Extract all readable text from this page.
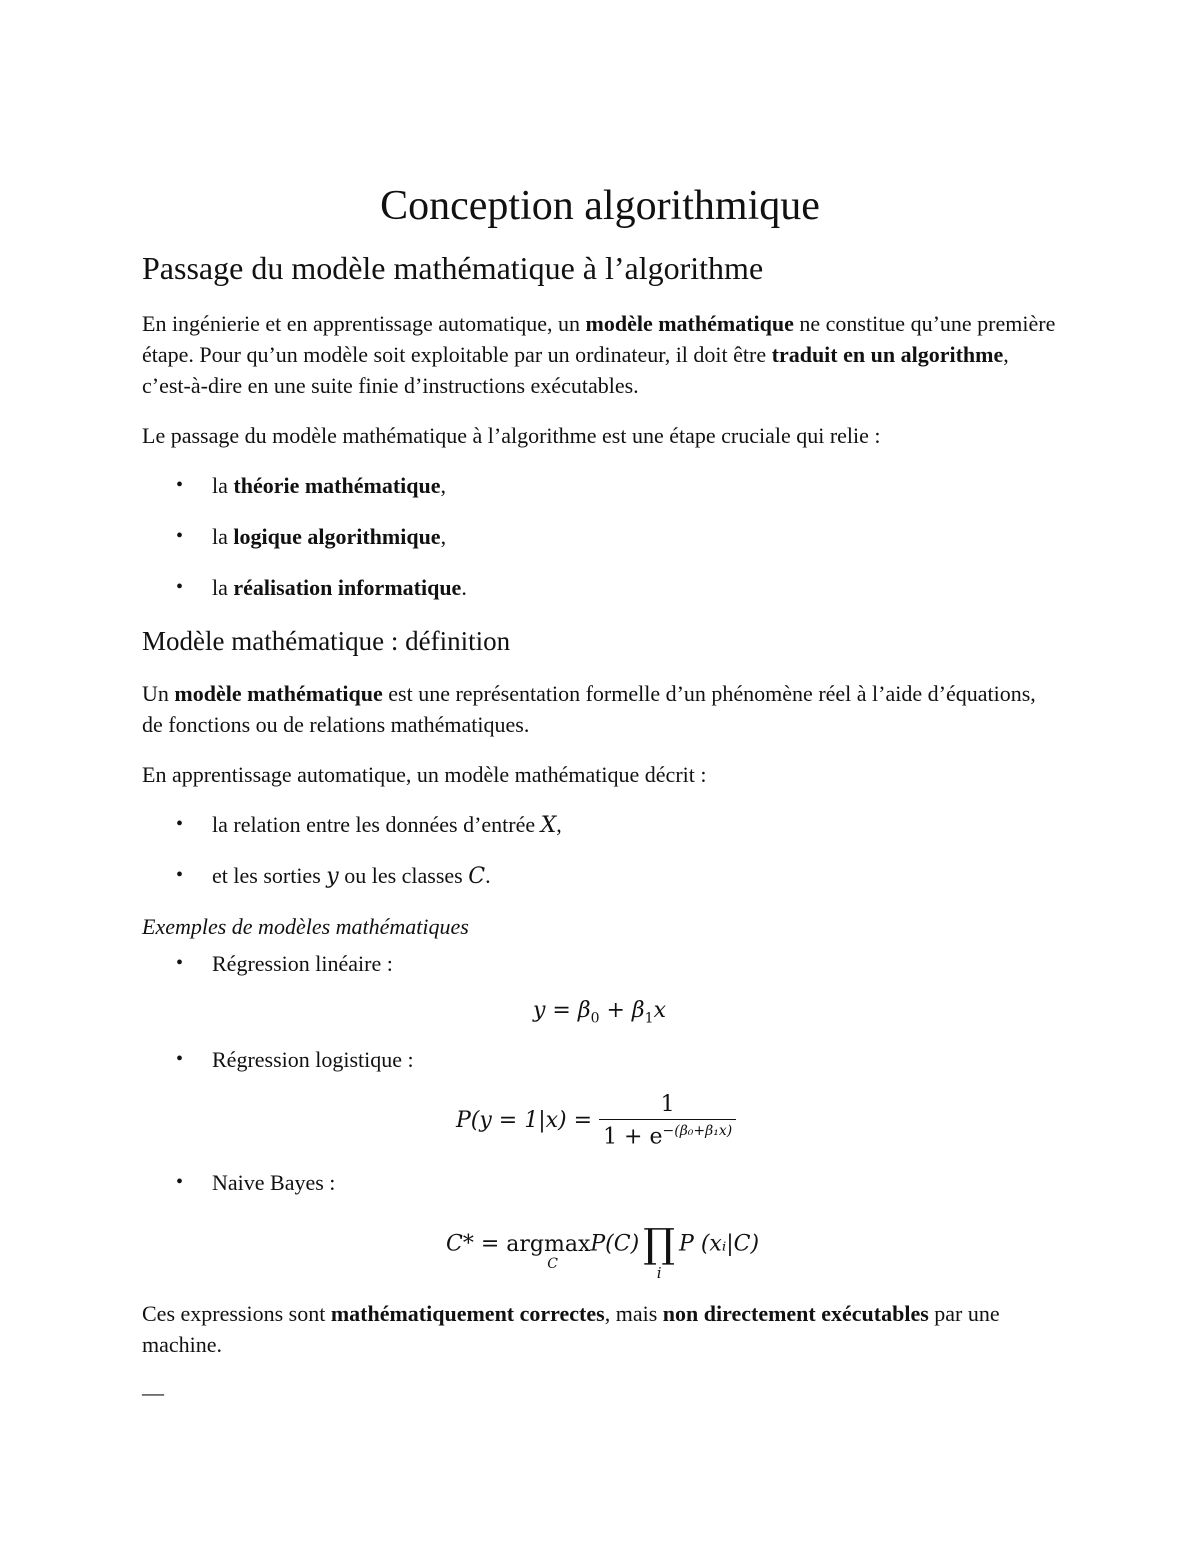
Conception algorithmique
Passage du modèle mathématique à l’algorithme

En ingénierie et en apprentissage automatique, un modèle mathématique ne constitue qu’une première étape. Pour qu’un modèle soit exploitable par un ordinateur, il doit être traduit en un algorithme, c’est-à-dire en une suite finie d’instructions exécutables.

Le passage du modèle mathématique à l’algorithme est une étape cruciale qui relie :

• la théorie mathématique,
• la logique algorithmique,
• la réalisation informatique.
Modèle mathématique : définition

Un modèle mathématique est une représentation formelle d’un phénomène réel à l’aide d’équations, de fonctions ou de relations mathématiques.

En apprentissage automatique, un modèle mathématique décrit :

• la relation entre les données d’entrée X,
• et les sorties y ou les classes C.

Exemples de modèles mathématiques

• Régression linéaire :
$y = \beta_0 + \beta_1x$
• Régression logistique :
$P(y = 1|x) = \frac{1}{1 + e^{-(\beta_0+\beta_1x)}}$
• Naive Bayes :
C* = argmax
C
P(C) ∏
i
P (xᵢ|C)

Ces expressions sont mathématiquement correctes, mais non directement exécutables par une machine.

—
